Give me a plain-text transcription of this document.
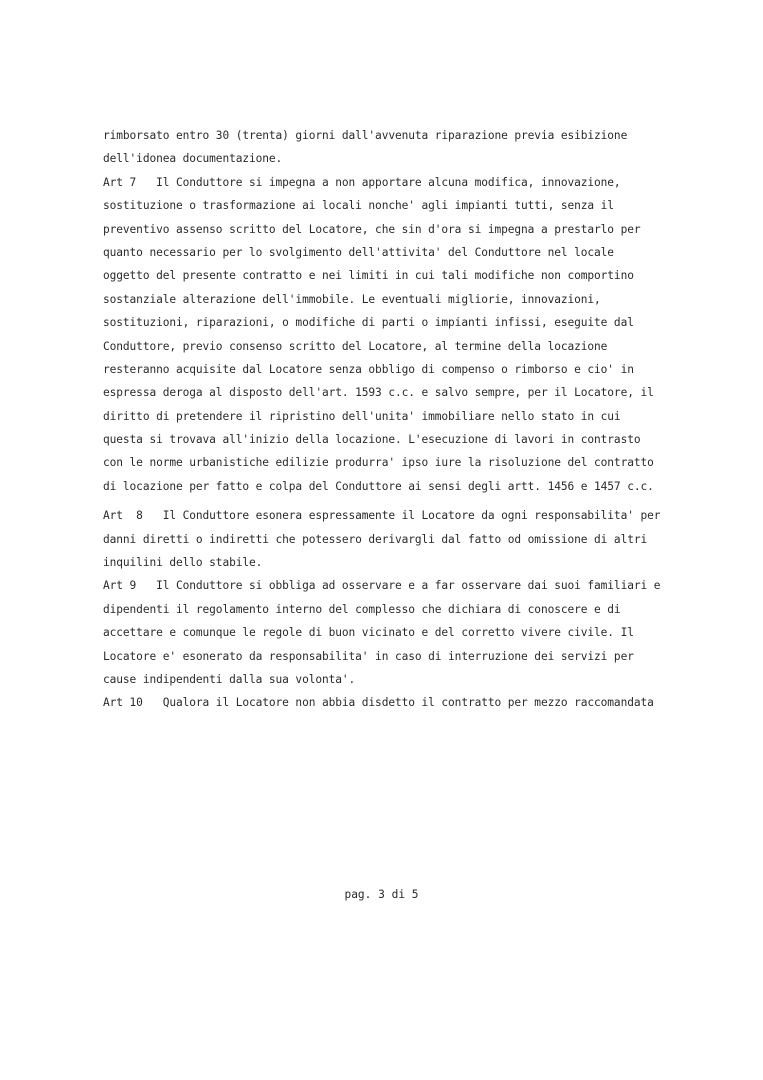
rimborsato entro 30 (trenta) giorni dall'avvenuta riparazione previa esibizione
dell'idonea documentazione.
Art 7   Il Conduttore si impegna a non apportare alcuna modifica, innovazione,
sostituzione o trasformazione ai locali nonche' agli impianti tutti, senza il
preventivo assenso scritto del Locatore, che sin d'ora si impegna a prestarlo per
quanto necessario per lo svolgimento dell'attivita' del Conduttore nel locale
oggetto del presente contratto e nei limiti in cui tali modifiche non comportino
sostanziale alterazione dell'immobile. Le eventuali migliorie, innovazioni,
sostituzioni, riparazioni, o modifiche di parti o impianti infissi, eseguite dal
Conduttore, previo consenso scritto del Locatore, al termine della locazione
resteranno acquisite dal Locatore senza obbligo di compenso o rimborso e cio' in
espressa deroga al disposto dell'art. 1593 c.c. e salvo sempre, per il Locatore, il
diritto di pretendere il ripristino dell'unita' immobiliare nello stato in cui
questa si trovava all'inizio della locazione. L'esecuzione di lavori in contrasto
con le norme urbanistiche edilizie produrra' ipso iure la risoluzione del contratto
di locazione per fatto e colpa del Conduttore ai sensi degli artt. 1456 e 1457 c.c.
Art  8   Il Conduttore esonera espressamente il Locatore da ogni responsabilita' per
danni diretti o indiretti che potessero derivargli dal fatto od omissione di altri
inquilini dello stabile.
Art 9   Il Conduttore si obbliga ad osservare e a far osservare dai suoi familiari e
dipendenti il regolamento interno del complesso che dichiara di conoscere e di
accettare e comunque le regole di buon vicinato e del corretto vivere civile. Il
Locatore e' esonerato da responsabilita' in caso di interruzione dei servizi per
cause indipendenti dalla sua volonta'.
Art 10   Qualora il Locatore non abbia disdetto il contratto per mezzo raccomandata
pag. 3 di 5
